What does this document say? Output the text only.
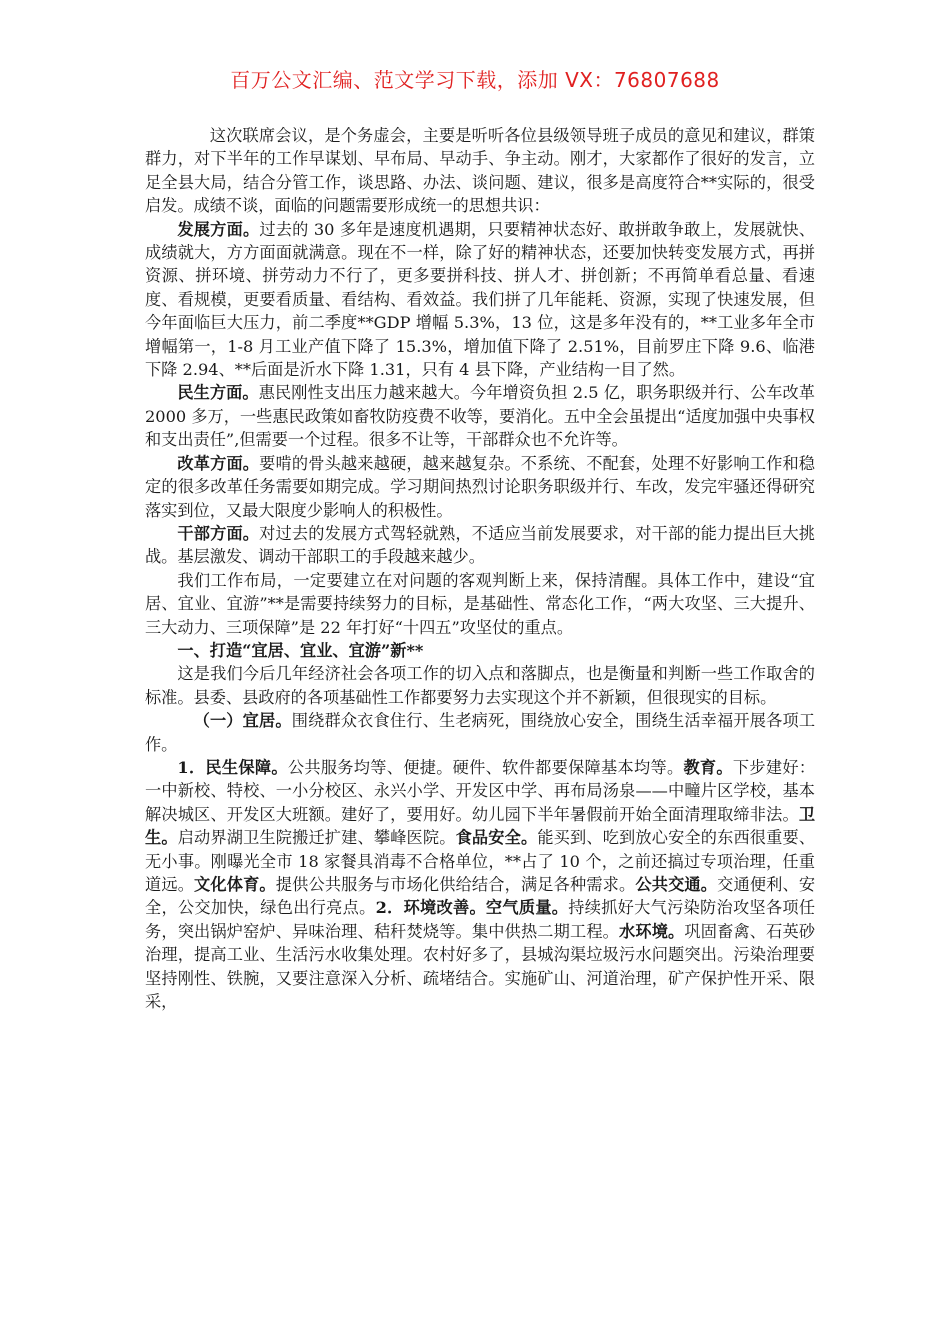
百万公文汇编、范文学习下载，添加 VX：76807688

这次联席会议，是个务虚会，主要是听听各位县级领导班子成员的意见和建议，群策群力，对下半年的工作早谋划、早布局、早动手、争主动。刚才，大家都作了很好的发言，立足全县大局，结合分管工作，谈思路、办法、谈问题、建议，很多是高度符合**实际的，很受启发。成绩不谈，面临的问题需要形成统一的思想共识：

发展方面。过去的 30 多年是速度机遇期，只要精神状态好、敢拼敢争敢上，发展就快、成绩就大，方方面面就满意。现在不一样，除了好的精神状态，还要加快转变发展方式，再拼资源、拼环境、拼劳动力不行了，更多要拼科技、拼人才、拼创新；不再简单看总量、看速度、看规模，更要看质量、看结构、看效益。我们拼了几年能耗、资源，实现了快速发展，但今年面临巨大压力，前二季度**GDP 增幅 5.3%，13 位，这是多年没有的，**工业多年全市增幅第一，1-8 月工业产值下降了 15.3%，增加值下降了 2.51%，目前罗庄下降 9.6、临港下降 2.94、**后面是沂水下降 1.31，只有 4 县下降，产业结构一目了然。

民生方面。惠民刚性支出压力越来越大。今年增资负担 2.5 亿，职务职级并行、公车改革 2000 多万，一些惠民政策如畜牧防疫费不收等，要消化。五中全会虽提出“适度加强中央事权和支出责任”,但需要一个过程。很多不让等，干部群众也不允许等。

改革方面。要啃的骨头越来越硬，越来越复杂。不系统、不配套，处理不好影响工作和稳定的很多改革任务需要如期完成。学习期间热烈讨论职务职级并行、车改，发完牢骚还得研究落实到位，又最大限度少影响人的积极性。

干部方面。对过去的发展方式驾轻就熟，不适应当前发展要求，对干部的能力提出巨大挑战。基层激发、调动干部职工的手段越来越少。

我们工作布局，一定要建立在对问题的客观判断上来，保持清醒。具体工作中，建设“宜居、宜业、宜游”**是需要持续努力的目标，是基础性、常态化工作，“两大攻坚、三大提升、三大动力、三项保障”是 22 年打好“十四五”攻坚仗的重点。

一、打造“宜居、宜业、宜游”新**

这是我们今后几年经济社会各项工作的切入点和落脚点，也是衡量和判断一些工作取舍的标准。县委、县政府的各项基础性工作都要努力去实现这个并不新颖，但很现实的目标。

（一）宜居。围绕群众衣食住行、生老病死，围绕放心安全，围绕生活幸福开展各项工作。

1．民生保障。公共服务均等、便捷。硬件、软件都要保障基本均等。教育。下步建好：一中新校、特校、一小分校区、永兴小学、开发区中学、再布局汤泉——中疃片区学校，基本解决城区、开发区大班额。建好了，要用好。幼儿园下半年暑假前开始全面清理取缔非法。卫生。启动界湖卫生院搬迁扩建、攀峰医院。食品安全。能买到、吃到放心安全的东西很重要、无小事。刚曝光全市 18 家餐具消毒不合格单位，**占了 10 个，之前还搞过专项治理，任重道远。文化体育。提供公共服务与市场化供给结合，满足各种需求。公共交通。交通便利、安全，公交加快，绿色出行亮点。2．环境改善。空气质量。持续抓好大气污染防治攻坚各项任务，突出锅炉窑炉、异味治理、秸秆焚烧等。集中供热二期工程。水环境。巩固畜禽、石英砂治理，提高工业、生活污水收集处理。农村好多了，县城沟渠垃圾污水问题突出。污染治理要坚持刚性、铁腕，又要注意深入分析、疏堵结合。实施矿山、河道治理，矿产保护性开采、限采，
